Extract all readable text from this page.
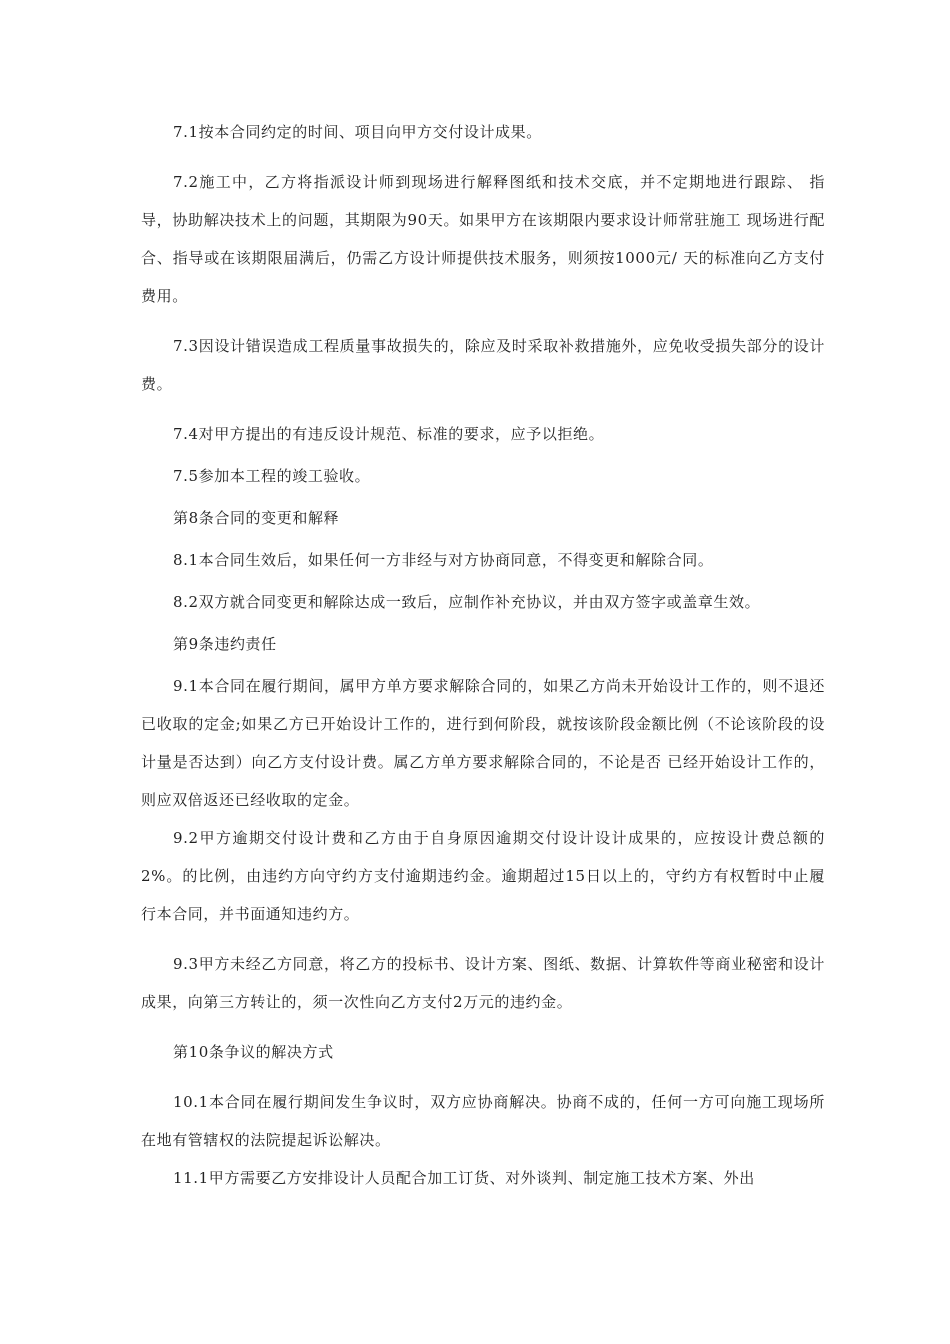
7.1按本合同约定的时间、项目向甲方交付设计成果。

7.2施工中，乙方将指派设计师到现场进行解释图纸和技术交底，并不定期地进行跟踪、 指导，协助解决技术上的问题，其期限为90天。如果甲方在该期限内要求设计师常驻施工 现场进行配合、指导或在该期限届满后，仍需乙方设计师提供技术服务，则须按1000元/ 天的标准向乙方支付费用。

7.3因设计错误造成工程质量事故损失的，除应及时采取补救措施外，应免收受损失部分的设计费。

7.4对甲方提出的有违反设计规范、标准的要求，应予以拒绝。

7.5参加本工程的竣工验收。

第8条合同的变更和解释

8.1本合同生效后，如果任何一方非经与对方协商同意，不得变更和解除合同。

8.2双方就合同变更和解除达成一致后，应制作补充协议，并由双方签字或盖章生效。

第9条违约责任

9.1本合同在履行期间，属甲方单方要求解除合同的，如果乙方尚未开始设计工作的，则不退还已收取的定金;如果乙方已开始设计工作的，进行到何阶段，就按该阶段金额比例（不论该阶段的设计量是否达到）向乙方支付设计费。属乙方单方要求解除合同的，不论是否 已经开始设计工作的，则应双倍返还已经收取的定金。

9.2甲方逾期交付设计费和乙方由于自身原因逾期交付设计设计成果的，应按设计费总额的2%。的比例，由违约方向守约方支付逾期违约金。逾期超过15日以上的，守约方有权暂时中止履行本合同，并书面通知违约方。

9.3甲方未经乙方同意，将乙方的投标书、设计方案、图纸、数据、计算软件等商业秘密和设计成果，向第三方转让的，须一次性向乙方支付2万元的违约金。

第10条争议的解决方式

10.1本合同在履行期间发生争议时，双方应协商解决。协商不成的，任何一方可向施工现场所在地有管辖权的法院提起诉讼解决。

11.1甲方需要乙方安排设计人员配合加工订货、对外谈判、制定施工技术方案、外出
